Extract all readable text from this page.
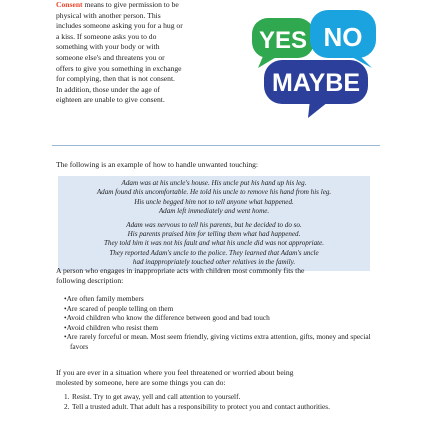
Consent means to give permission to be
physical with another person. This
includes someone asking you for a hug or
a kiss. If someone asks you to do
something with your body or with
someone else's and threatens you or
offers to give you something in exchange
for complying, then that is not consent.
In addition, those under the age of
eighteen are unable to give consent.
YES NO
MAYBE
The following is an example of how to handle unwanted touching:

Adam was at his uncle's house. His uncle put his hand up his leg.
Adam found this uncomfortable. He told his uncle to remove his hand from his leg.
His uncle begged him not to tell anyone what happened.
Adam left immediately and went home.

Adam was nervous to tell his parents, but he decided to do so.
His parents praised him for telling them what had happened.
They told him it was not his fault and what his uncle did was not appropriate.
They reported Adam's uncle to the police. They learned that Adam's uncle
had inappropriately touched other relatives in the family.

A person who engages in inappropriate acts with children most commonly fits the
following description:
• Are often family members
• Are scared of people telling on them
• Avoid children who know the difference between good and bad touch
• Avoid children who resist them
• Are rarely forceful or mean. Most seem friendly, giving victims extra attention, gifts, money and special favors
If you are ever in a situation where you feel threatened or worried about being
molested by someone, here are some things you can do:
1. Resist. Try to get away, yell and call attention to yourself.
2. Tell a trusted adult. That adult has a responsibility to protect you and contact authorities.
